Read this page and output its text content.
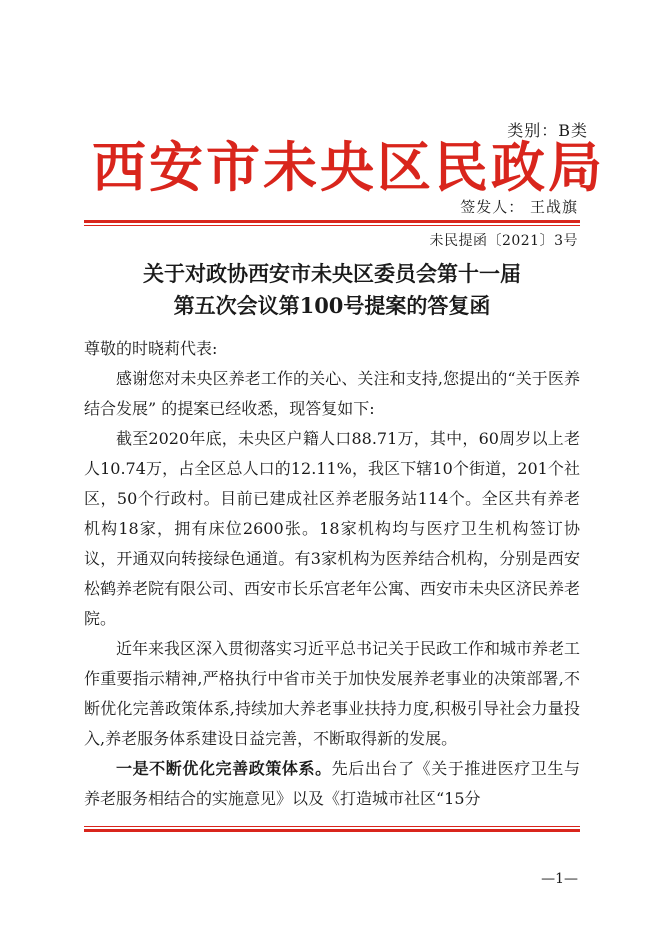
类别：B类
西安市未央区民政局
签发人： 王战旗
未民提函〔2021〕3号
关于对政协西安市未央区委员会第十一届
第五次会议第100号提案的答复函

尊敬的时晓莉代表:

感谢您对未央区养老工作的关心、关注和支持,您提出的“关于医养结合发展” 的提案已经收悉，现答复如下:

截至2020年底，未央区户籍人口88.71万，其中，60周岁以上老人10.74万，占全区总人口的12.11%，我区下辖10个街道，201个社区，50个行政村。目前已建成社区养老服务站114个。全区共有养老机构18家，拥有床位2600张。18家机构均与医疗卫生机构签订协议，开通双向转接绿色通道。有3家机构为医养结合机构，分别是西安松鹤养老院有限公司、西安市长乐宫老年公寓、西安市未央区济民养老院。

近年来我区深入贯彻落实习近平总书记关于民政工作和城市养老工作重要指示精神,严格执行中省市关于加快发展养老事业的决策部署,不断优化完善政策体系,持续加大养老事业扶持力度,积极引导社会力量投入,养老服务体系建设日益完善，不断取得新的发展。

一是不断优化完善政策体系。先后出台了《关于推进医疗卫生与养老服务相结合的实施意见》以及《打造城市社区“15分

—1—
